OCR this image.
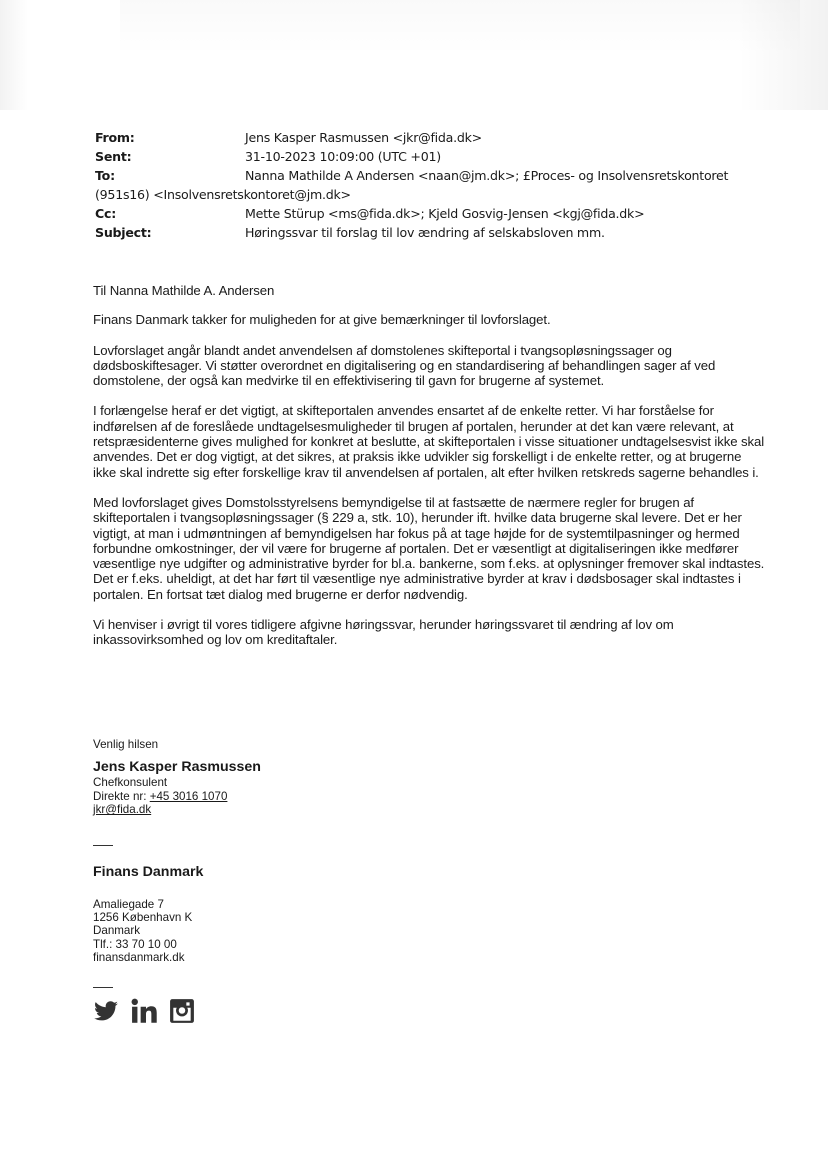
From:	Jens Kasper Rasmussen <jkr@fida.dk>
Sent:	31-10-2023 10:09:00 (UTC +01)
To:	Nanna Mathilde A Andersen <naan@jm.dk>; £Proces- og Insolvensretskontoret
(951s16) <Insolvensretskontoret@jm.dk>
Cc:	Mette Stürup <ms@fida.dk>; Kjeld Gosvig-Jensen <kgj@fida.dk>
Subject:	Høringssvar til forslag til lov ændring af selskabsloven mm.

Til Nanna Mathilde A. Andersen

Finans Danmark takker for muligheden for at give bemærkninger til lovforslaget.

Lovforslaget angår blandt andet anvendelsen af domstolenes skifteportal i tvangsopløsningssager og dødsboskiftesager. Vi støtter overordnet en digitalisering og en standardisering af behandlingen sager af ved domstolene, der også kan medvirke til en effektivisering til gavn for brugerne af systemet.

I forlængelse heraf er det vigtigt, at skifteportalen anvendes ensartet af de enkelte retter. Vi har forståelse for indførelsen af de foreslåede undtagelsesmuligheder til brugen af portalen, herunder at det kan være relevant, at retspræsidenterne gives mulighed for konkret at beslutte, at skifteportalen i visse situationer undtagelsesvist ikke skal anvendes. Det er dog vigtigt, at det sikres, at praksis ikke udvikler sig forskelligt i de enkelte retter, og at brugerne ikke skal indrette sig efter forskellige krav til anvendelsen af portalen, alt efter hvilken retskreds sagerne behandles i.

Med lovforslaget gives Domstolsstyrelsens bemyndigelse til at fastsætte de nærmere regler for brugen af skifteportalen i tvangsopløsningssager (§ 229 a, stk. 10), herunder ift. hvilke data brugerne skal levere. Det er her vigtigt, at man i udmøntningen af bemyndigelsen har fokus på at tage højde for de systemtilpasninger og hermed forbundne omkostninger, der vil være for brugerne af portalen. Det er væsentligt at digitaliseringen ikke medfører væsentlige nye udgifter og administrative byrder for bl.a. bankerne, som f.eks. at oplysninger fremover skal indtastes. Det er f.eks. uheldigt, at det har ført til væsentlige nye administrative byrder at krav i dødsbosager skal indtastes i portalen. En fortsat tæt dialog med brugerne er derfor nødvendig.

Vi henviser i øvrigt til vores tidligere afgivne høringssvar, herunder høringssvaret til ændring af lov om inkassovirksomhed og lov om kreditaftaler.

Venlig hilsen
Jens Kasper Rasmussen
Chefkonsulent
Direkte nr: +45 3016 1070
jkr@fida.dk
Finans Danmark
Amaliegade 7
1256 København K
Danmark
Tlf.: 33 70 10 00
finansdanmark.dk
